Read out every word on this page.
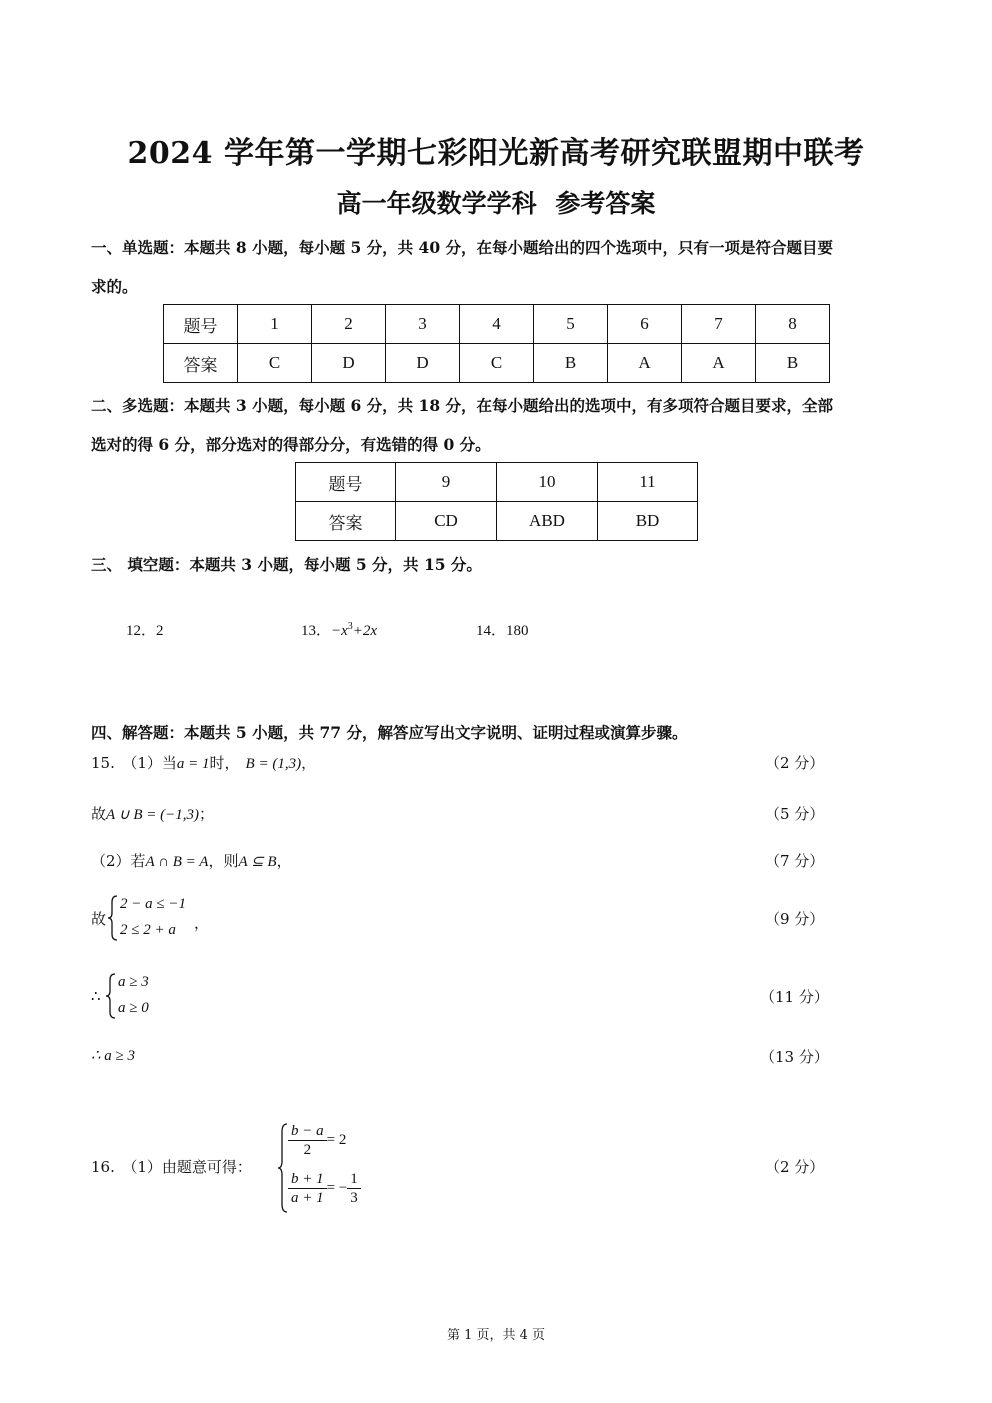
2024 学年第一学期七彩阳光新高考研究联盟期中联考
高一年级数学学科 参考答案
一、单选题：本题共 8 小题，每小题 5 分，共 40 分，在每小题给出的四个选项中，只有一项是符合题目要
求的。
题号	1	2	3	4	5	6	7	8
答案	C	D	D	C	B	A	A	B
二、多选题：本题共 3 小题，每小题 6 分，共 18 分，在每小题给出的选项中，有多项符合题目要求，全部
选对的得 6 分，部分选对的得部分分，有选错的得 0 分。
题号	9	10	11
答案	CD	ABD	BD
三、 填空题：本题共 3 小题，每小题 5 分，共 15 分。
12．2	13．$-x^3+2x$	14．180
四、解答题：本题共 5 小题，共 77 分，解答应写出文字说明、证明过程或演算步骤。
15.　（1）当a = 1时， B = (1,3)，	（2 分）
故A ∪ B = (−1,3)；	（5 分）
（2）若A ∩ B = A，则A ⊆ B，	（7 分）
故
2 − a ≤ −1
2 ≤ 2 + a ，	（9 分）
∴
a ≥ 3
a ≥ 0
（11 分）
∴ a ≥ 3	（13 分）
16.　（1）由题意可得：
$\frac{b - a}{2} = 2$
$\frac{b + 1}{a + 1}$ = − $\frac{1}{3}$
（2 分）
第 1 页，共 4 页
